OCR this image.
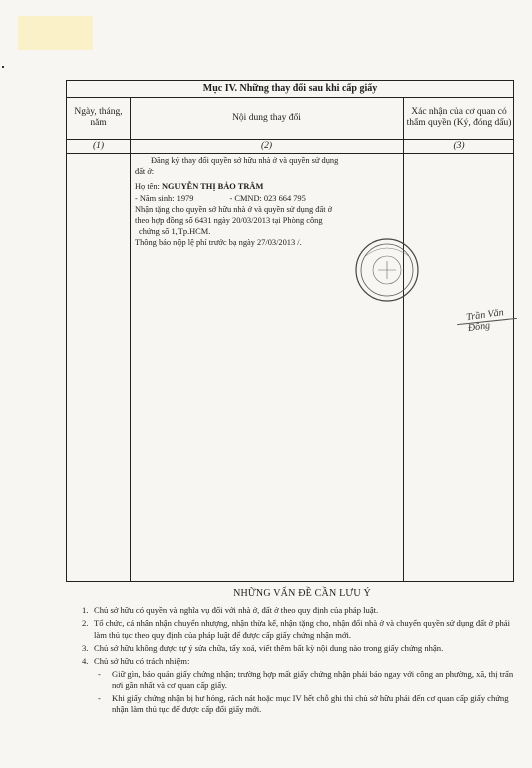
Mục IV. Những thay đổi sau khi cấp giấy
Ngày, tháng, năm
Nội dung thay đổi
Xác nhận của cơ quan có thẩm quyền (Ký, đóng dấu)
(1)	(2)	(3)

Đăng ký thay đổi quyền sở hữu nhà ở và quyền sử dụng

đất ở:

Họ tên: NGUYỄN THỊ BẢO TRÂM

- Năm sinh: 1979	- CMND: 023 664 795

Nhận tặng cho quyền sở hữu nhà ở và quyền sử dụng đất ở

theo hợp đồng số 6431 ngày 20/03/2013 tại Phòng công

chứng số 1,Tp.HCM.

Thông báo nộp lệ phí trước bạ ngày 27/03/2013 /.

Trần Văn Đông
NHỮNG VẤN ĐỀ CẦN LƯU Ý
1. Chủ sở hữu có quyền và nghĩa vụ đối với nhà ở, đất ở theo quy định của pháp luật.
2. Tổ chức, cá nhân nhận chuyển nhượng, nhận thừa kế, nhận tặng cho, nhận đổi nhà ở và chuyển quyền sử dụng đất ở phải làm thủ tục theo quy định của pháp luật để được cấp giấy chứng nhận mới.
3. Chủ sở hữu không được tự ý sửa chữa, tẩy xoá, viết thêm bất kỳ nội dung nào trong giấy chứng nhận.
4. Chủ sở hữu có trách nhiệm:
-	Giữ gìn, bảo quản giấy chứng nhận; trường hợp mất giấy chứng nhận phải báo ngay với công an phường, xã, thị trấn nơi gần nhất và cơ quan cấp giấy.
-	Khi giấy chứng nhận bị hư hỏng, rách nát hoặc mục IV hết chỗ ghi thì chủ sở hữu phải đến cơ quan cấp giấy chứng nhận làm thủ tục để được cấp đổi giấy mới.
